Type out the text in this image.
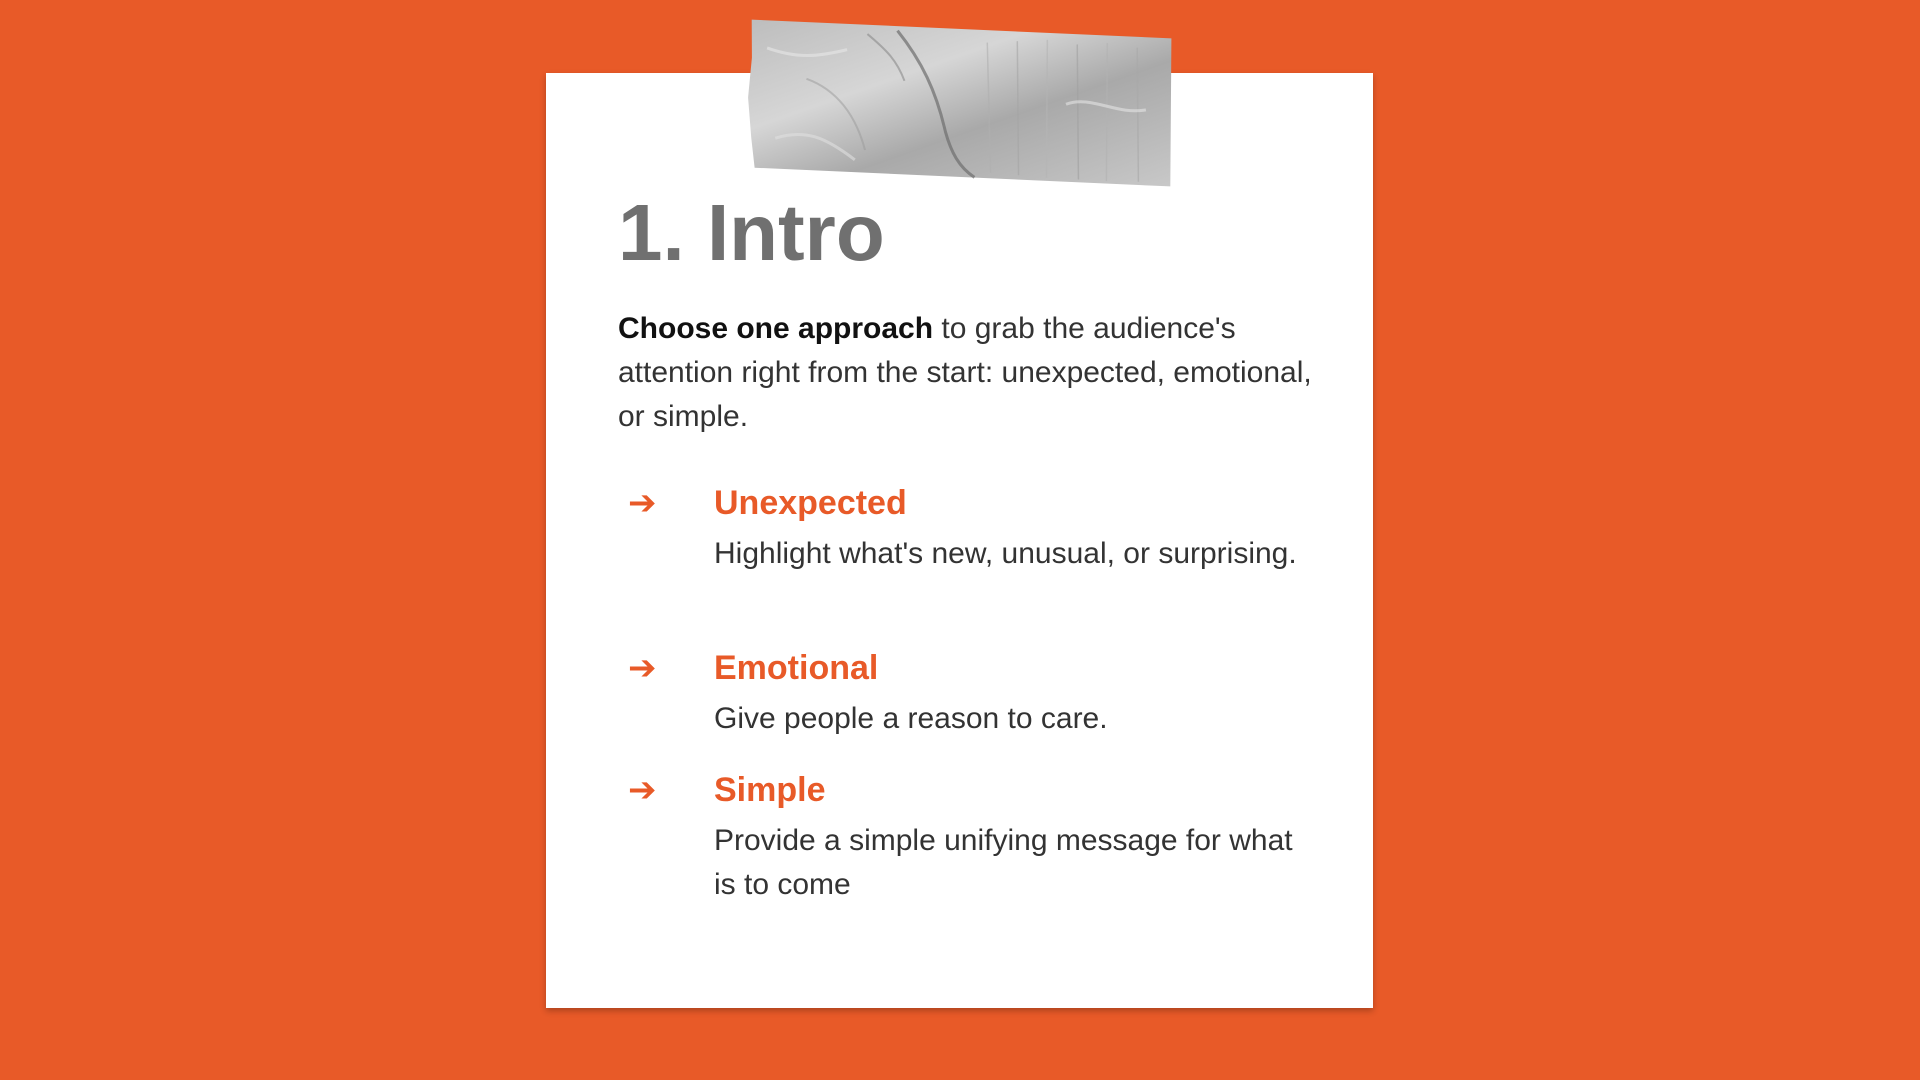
1. Intro

Choose one approach to grab the audience's attention right from the start: unexpected, emotional, or simple.

➔	Unexpected

Highlight what's new, unusual, or surprising.

➔	Emotional

Give people a reason to care.

➔	Simple

Provide a simple unifying message for what is to come
